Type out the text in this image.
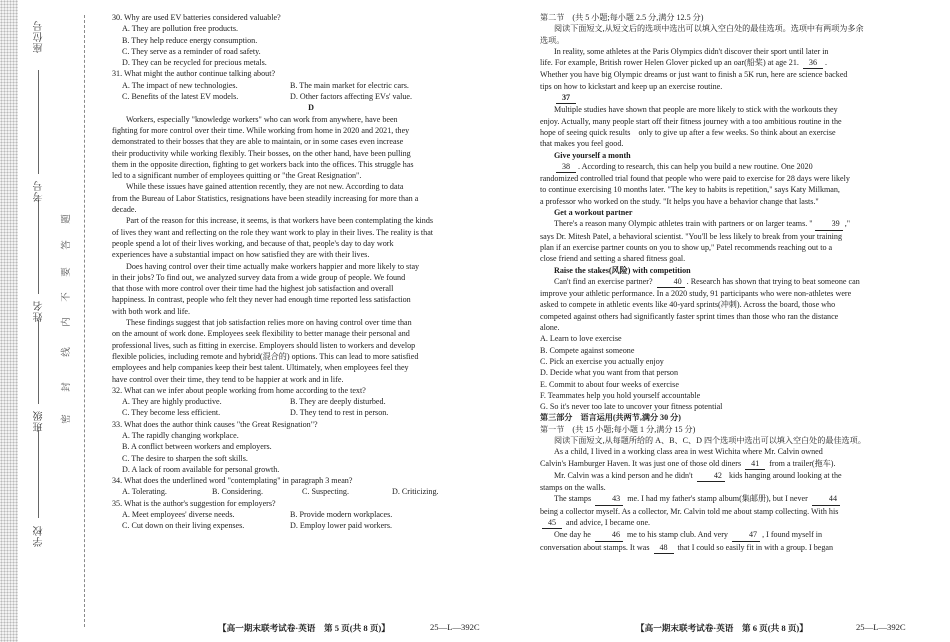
学校
班级
姓名
考号
座位号
密
封
线
内
不
要
答
题
30. Why are used EV batteries considered valuable?
A. They are pollution free products.
B. They help reduce energy consumption.
C. They serve as a reminder of road safety.
D. They can be recycled for precious metals.
31. What might the author continue talking about?
A. The impact of new technologies.	B. The main market for electric cars.
C. Benefits of the latest EV models.	D. Other factors affecting EVs' value.
D
Workers, especially "knowledge workers" who can work from anywhere, have been
fighting for more control over their time. While working from home in 2020 and 2021, they
demonstrated to their bosses that they are able to maintain, or in some cases even increase
their productivity while working flexibly. Their bosses, on the other hand, have been pulling
them in the opposite direction, fighting to get workers back into the offices. This struggle has
led to a significant number of employees quitting or "the Great Resignation".
While these issues have gained attention recently, they are not new. According to data
from the Bureau of Labor Statistics, resignations have been steadily increasing for more than a
decade.
Part of the reason for this increase, it seems, is that workers have been contemplating the kinds
of lives they want and reflecting on the role they want work to play in their lives. The reality is that
people spend a lot of their lives working, and because of that, people's day to day work
experiences have a substantial impact on how satisfied they are with their lives.
Does having control over their time actually make workers happier and more likely to stay
in their jobs? To find out, we analyzed survey data from a wide group of people. We found
that those with more control over their time had the highest job satisfaction and overall
happiness. In contrast, people who felt they never had enough time reported less satisfaction
with both work and life.
These findings suggest that job satisfaction relies more on having control over time than
on the amount of work done. Employees seek flexibility to better manage their personal and
professional lives, such as fitting in exercise. Employers should listen to workers and develop
flexible policies, including remote and hybrid(混合的) options. This can lead to more satisfied
employees and help companies keep their best talent. Ultimately, when employees feel they
have control over their time, they tend to be happier at work and in life.
32. What can we infer about people working from home according to the text?
A. They are highly productive.	B. They are deeply disturbed.
C. They become less efficient.	D. They tend to rest in person.
33. What does the author think causes "the Great Resignation"?
A. The rapidly changing workplace.
B. A conflict between workers and employers.
C. The desire to sharpen the soft skills.
D. A lack of room available for personal growth.
34. What does the underlined word "contemplating" in paragraph 3 mean?
A. Tolerating.	B. Considering.	C. Suspecting.	D. Criticizing.
35. What is the author's suggestion for employers?
A. Meet employees' diverse needs.	B. Provide modern workplaces.
C. Cut down on their living expenses.	D. Employ lower paid workers.
【高一期末联考试卷·英语　第 5 页(共 8 页)】	25—L—392C
第二节　(共 5 小题;每小题 2.5 分,满分 12.5 分)
阅读下面短文,从短文后的选项中选出可以填入空白处的最佳选项。选项中有两项为多余
选项。
In reality, some athletes at the Paris Olympics didn't discover their sport until later in
life. For example, British rower Helen Glover picked up an oar(船桨) at age 21. 36 .
Whether you have big Olympic dreams or just want to finish a 5K run, here are science backed
tips on how to kickstart and keep up an exercise routine.
37
Multiple studies have shown that people are more likely to stick with the workouts they
enjoy. Actually, many people start off their fitness journey with a too ambitious routine in the
hope of seeing quick results　only to give up after a few weeks. So think about an exercise
that makes you feel good.
Give yourself a month
38 . According to research, this can help you build a new routine. One 2020
randomized controlled trial found that people who were paid to exercise for 28 days were likely
to continue exercising 10 months later. "The key to habits is repetition," says Katy Milkman,
a professor who worked on the study. "It helps you have a behavior change that lasts."
Get a workout partner
There's a reason many Olympic athletes train with partners or on larger teams. " 39 ,"
says Dr. Mitesh Patel, a behavioral scientist. "You'll be less likely to break from your training
plan if an exercise partner counts on you to show up," Patel recommends reaching out to a
close friend and setting a shared fitness goal.
Raise the stakes(风险) with competition
Can't find an exercise partner?	40 . Research has shown that trying to beat someone can
improve your athletic performance. In a 2020 study, 91 participants who were non-athletes were
asked to compete in athletic events like 40-yard sprints(冲刺). Across the board, those who
competed against others had significantly faster sprint times than those who ran the distance
alone.
A. Learn to love exercise
B. Compete against someone
C. Pick an exercise you actually enjoy
D. Decide what you want from that person
E. Commit to about four weeks of exercise
F. Teammates help you hold yourself accountable
G. So it's never too late to uncover your fitness potential
第三部分　语言运用(共两节,满分 30 分)
第一节　(共 15 小题;每小题 1 分,满分 15 分)
阅读下面短文,从每题所给的 A、B、C、D 四个选项中选出可以填入空白处的最佳选项。
As a child, I lived in a working class area in west Wichita where Mr. Calvin owned
Calvin's Hamburger Haven. It was just one of those old diners 41 from a trailer(拖车).
Mr. Calvin was a kind person and he didn't	42 kids hanging around looking at the
stamps on the walls.
The stamps	43 me. I had my father's stamp album(集邮册), but I never	44
being a collector myself. As a collector, Mr. Calvin told me about stamp collecting. With his
45 and advice, I became one.
One day he	46 me to his stamp club. And very	47 , I found myself in
conversation about stamps. It was 48 that I could so easily fit in with a group. I began
【高一期末联考试卷·英语　第 6 页(共 8 页)】	25—L—392C
